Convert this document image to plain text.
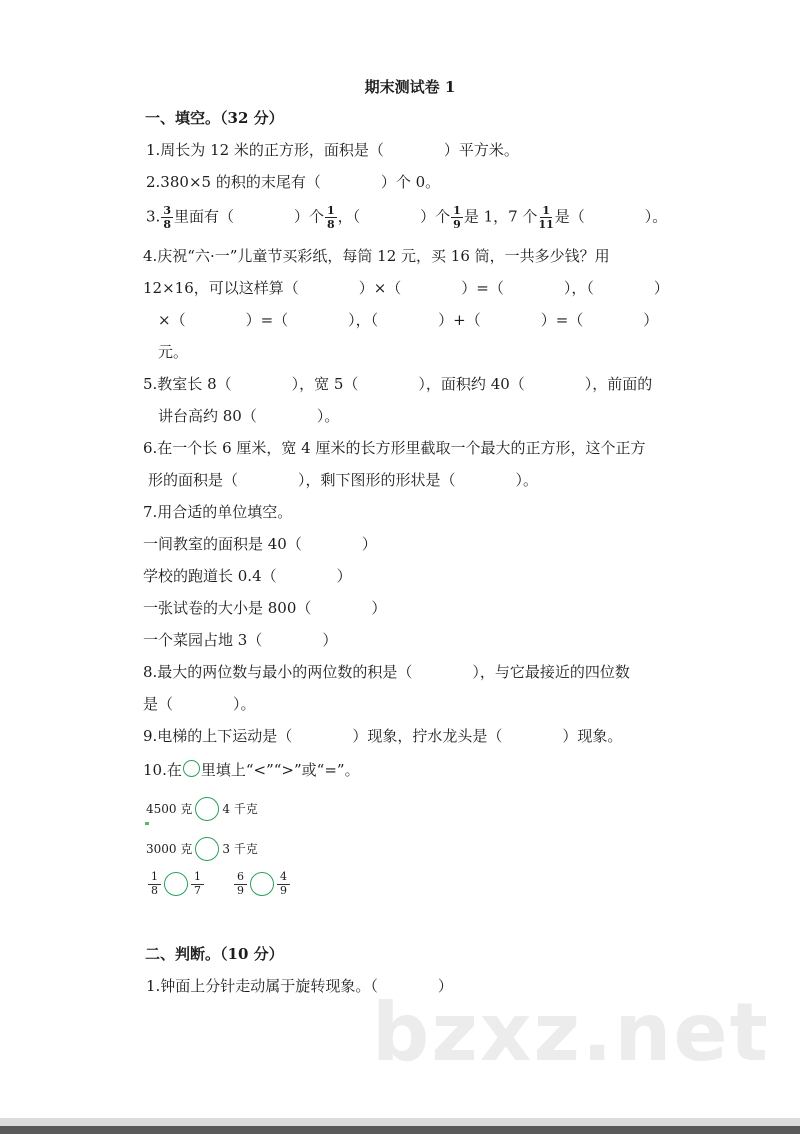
期末测试卷 1
一、填空。（32 分）
1.周长为 12 米的正方形，面积是（　　　　）平方米。
2.380×5 的积的末尾有（　　　　）个 0。
3. $\frac{3}{8}$ 里面有（　　　　）个 $\frac{1}{8}$ ，（　　　　）个 $\frac{1}{9}$ 是 1，7 个 $\frac{1}{11}$ 是（　　　　）。
4.庆祝“六·一”儿童节买彩纸，每筒 12 元，买 16 筒，一共多少钱？用
12×16，可以这样算（　　　　）×（　　　　）=（　　　　），（　　　　）
×（　　　　）=（　　　　），（　　　　）+（　　　　）=（　　　　）
元。
5.教室长 8（　　　　），宽 5（　　　　），面积约 40（　　　　），前面的
讲台高约 80（　　　　）。
6.在一个长 6 厘米，宽 4 厘米的长方形里截取一个最大的正方形，这个正方
形的面积是（　　　　），剩下图形的形状是（　　　　）。
7.用合适的单位填空。
一间教室的面积是 40（　　　　）
学校的跑道长 0.4（　　　　）
一张试卷的大小是 800（　　　　）
一个菜园占地 3（　　　　）
8.最大的两位数与最小的两位数的积是（　　　　），与它最接近的四位数
是（　　　　）。
9.电梯的上下运动是（　　　　）现象，拧水龙头是（　　　　）现象。
10.在 里填上“<”“>”或“=”。
4500 克	4 千克
3000 克	3 千克
$\frac{1}{8}$	$\frac{1}{7}$	$\frac{6}{9}$	$\frac{4}{9}$
二、判断。（10 分）
1.钟面上分针走动属于旋转现象。（　　　　）
bzxz.net
